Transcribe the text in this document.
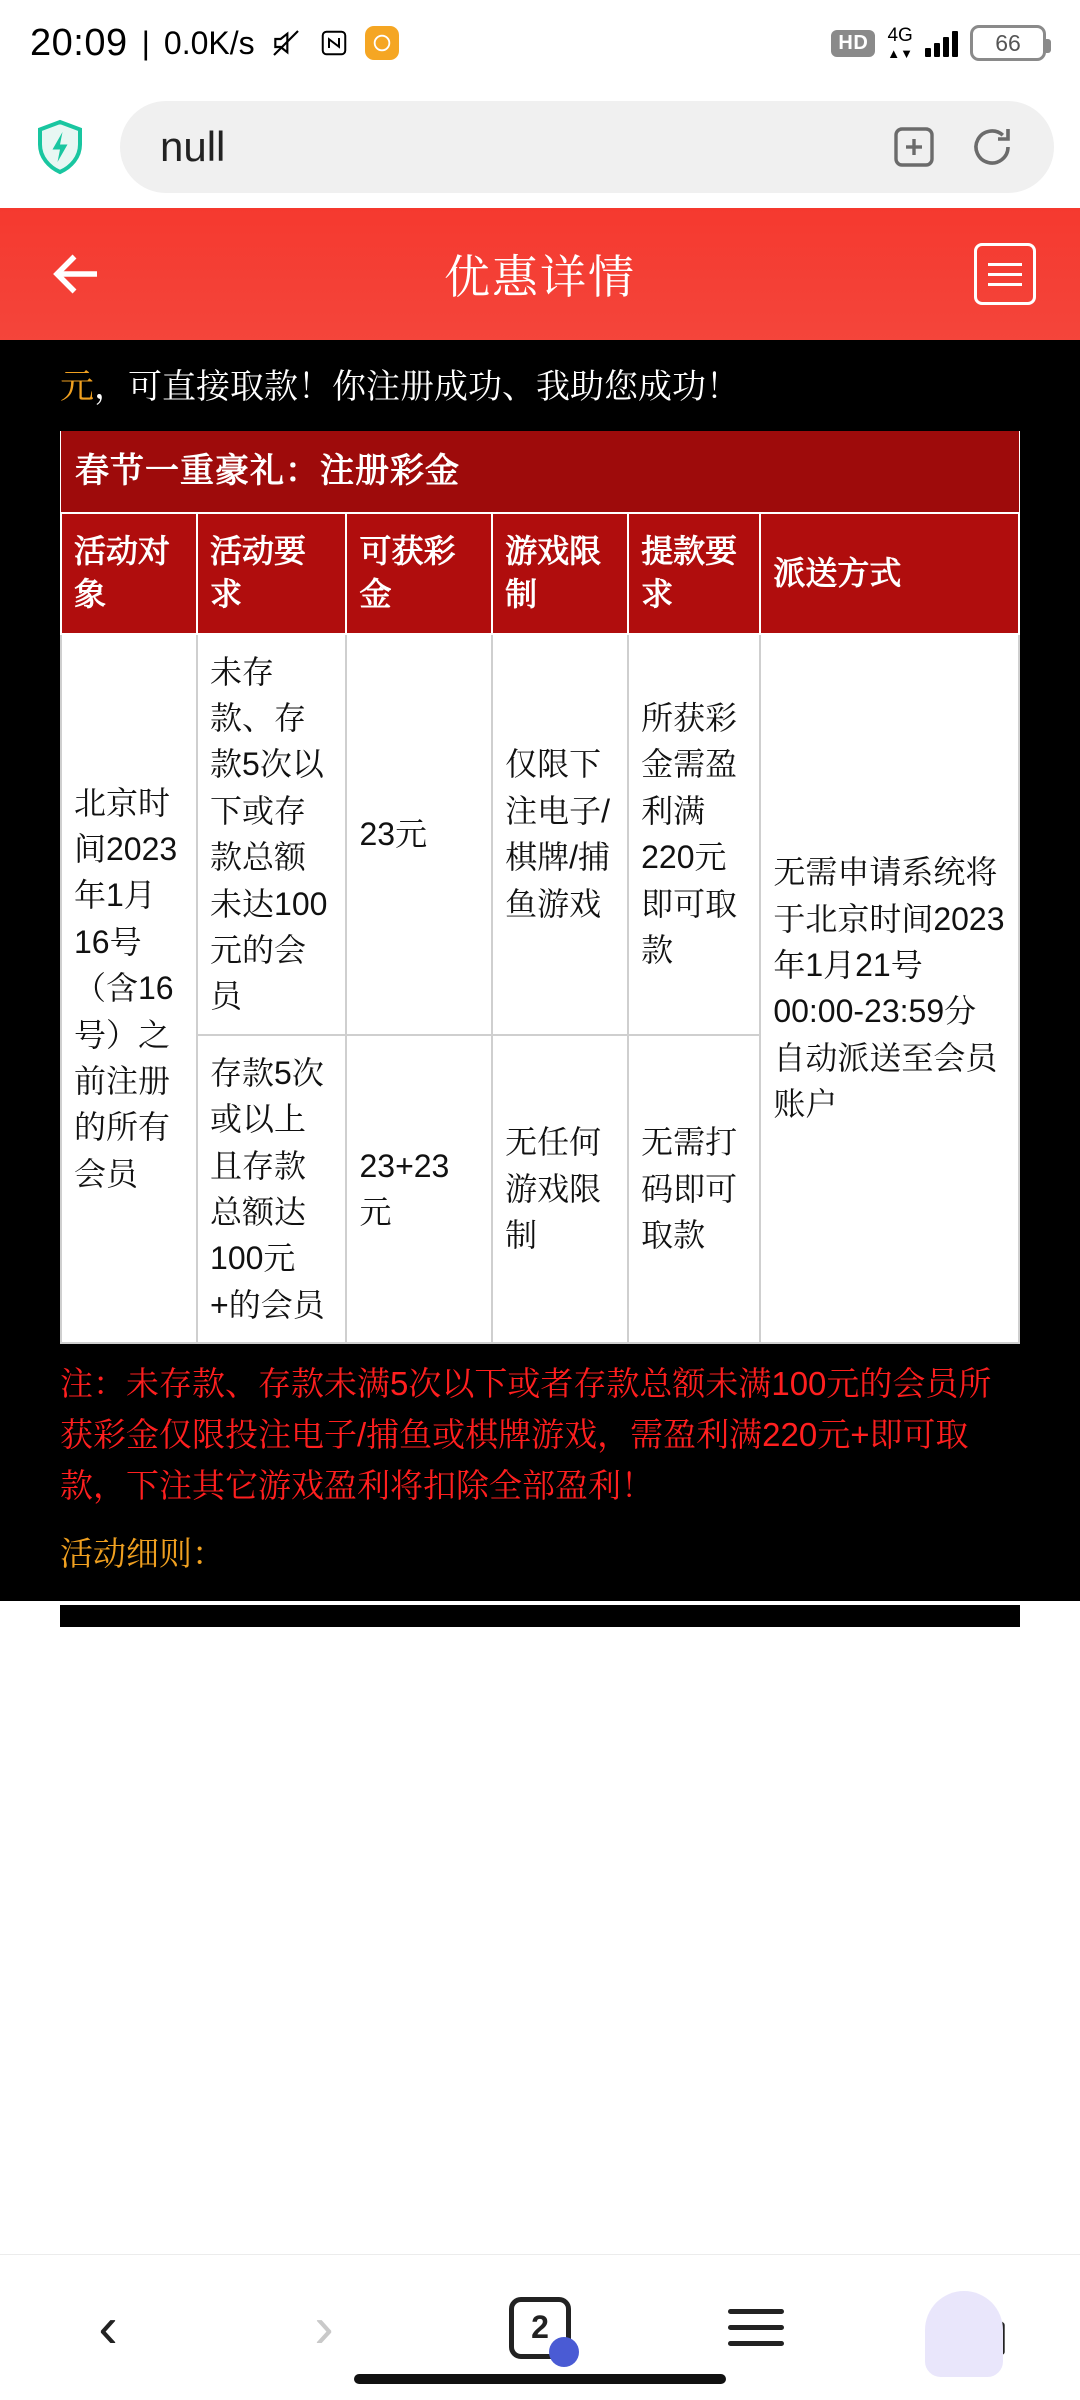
20:09 | 0.0K/s	HD	4G
▲▼	66
null
优惠详情
元，可直接取款！你注册成功、我助您成功！
春节一重豪礼：注册彩金					
活动对象	活动要求	可获彩金	游戏限制	提款要求	派送方式
北京时间2023年1月16号（含16号）之前注册的所有会员	未存款、存款5次以下或存款总额未达100元的会员	23元	仅限下注电子/棋牌/捕鱼游戏	所获彩金需盈利满220元即可取款	无需申请系统将于北京时间2023年1月21号00:00-23:59分自动派送至会员账户
	存款5次或以上且存款总额达100元+的会员	23+23元	无任何游戏限制	无需打码即可取款	
注：未存款、存款未满5次以下或者存款总额未满100元的会员所获彩金仅限投注电子/捕鱼或棋牌游戏，需盈利满220元+即可取款，下注其它游戏盈利将扣除全部盈利！
活动细则：
‹	›	2
